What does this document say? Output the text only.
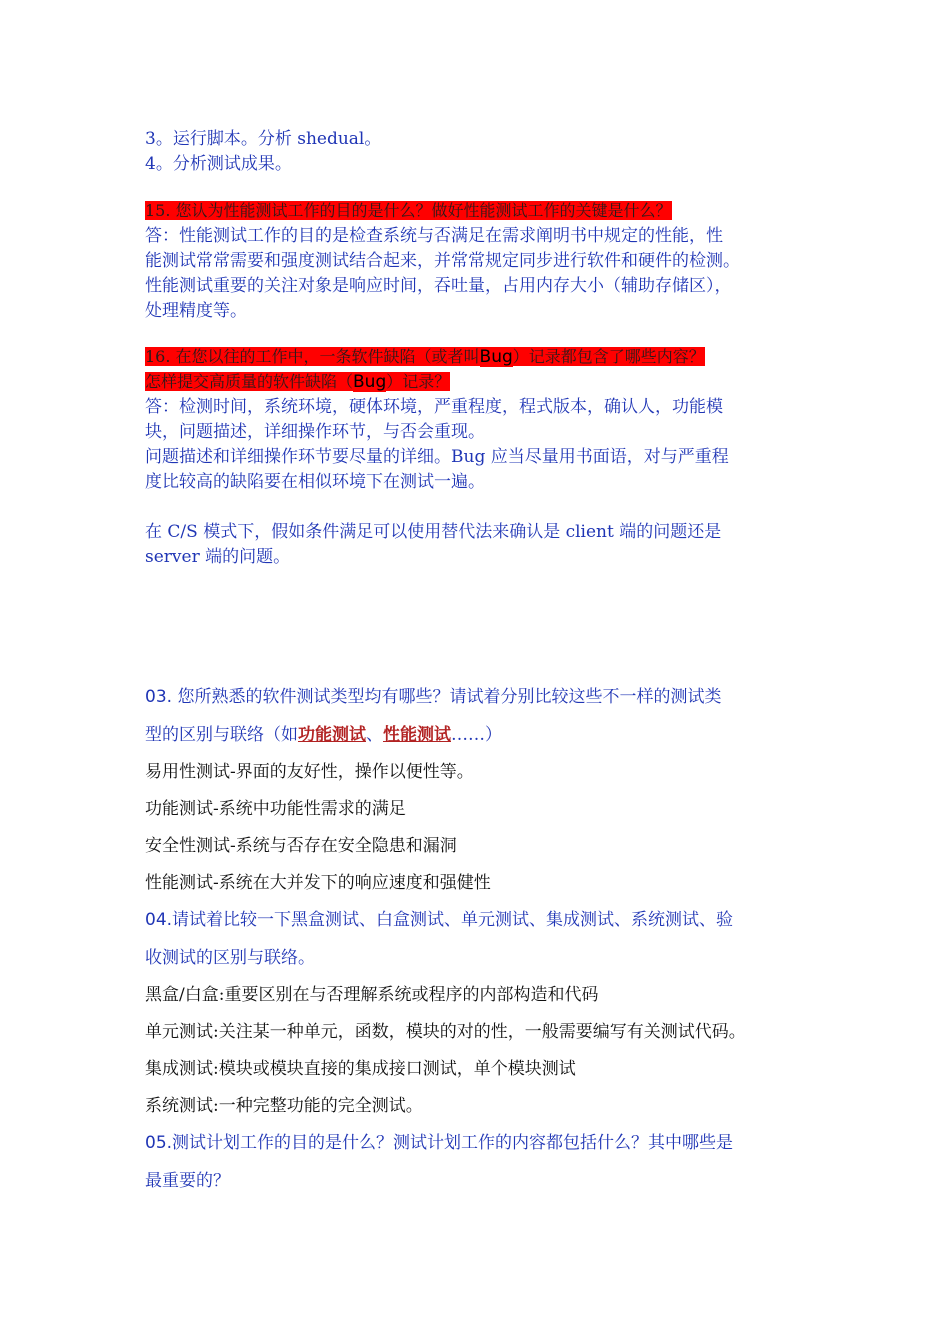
3。运行脚本。分析 shedual。
4。分析测试成果。
15. 您认为性能测试工作的目的是什么？做好性能测试工作的关键是什么？
答：性能测试工作的目的是检查系统与否满足在需求阐明书中规定的性能，性
能测试常常需要和强度测试结合起来，并常常规定同步进行软件和硬件的检测。
性能测试重要的关注对象是响应时间，吞吐量，占用内存大小（辅助存储区），
处理精度等。
16. 在您以往的工作中，一条软件缺陷（或者叫Bug）记录都包含了哪些内容？
怎样提交高质量的软件缺陷（Bug）记录？
答：检测时间，系统环境，硬体环境，严重程度，程式版本，确认人，功能模
块，问题描述，详细操作环节，与否会重现。
问题描述和详细操作环节要尽量的详细。Bug 应当尽量用书面语，对与严重程
度比较高的缺陷要在相似环境下在测试一遍。
在 C/S 模式下，假如条件满足可以使用替代法来确认是 client 端的问题还是
server 端的问题。
03. 您所熟悉的软件测试类型均有哪些？请试着分别比较这些不一样的测试类
型的区别与联络（如功能测试、性能测试……）
易用性测试-界面的友好性，操作以便性等。
功能测试-系统中功能性需求的满足
安全性测试-系统与否存在安全隐患和漏洞
性能测试-系统在大并发下的响应速度和强健性
04.请试着比较一下黑盒测试、白盒测试、单元测试、集成测试、系统测试、验
收测试的区别与联络。
黑盒/白盒:重要区别在与否理解系统或程序的内部构造和代码
单元测试:关注某一种单元，函数，模块的对的性，一般需要编写有关测试代码。
集成测试:模块或模块直接的集成接口测试，单个模块测试
系统测试:一种完整功能的完全测试。
05.测试计划工作的目的是什么？测试计划工作的内容都包括什么？其中哪些是
最重要的？
